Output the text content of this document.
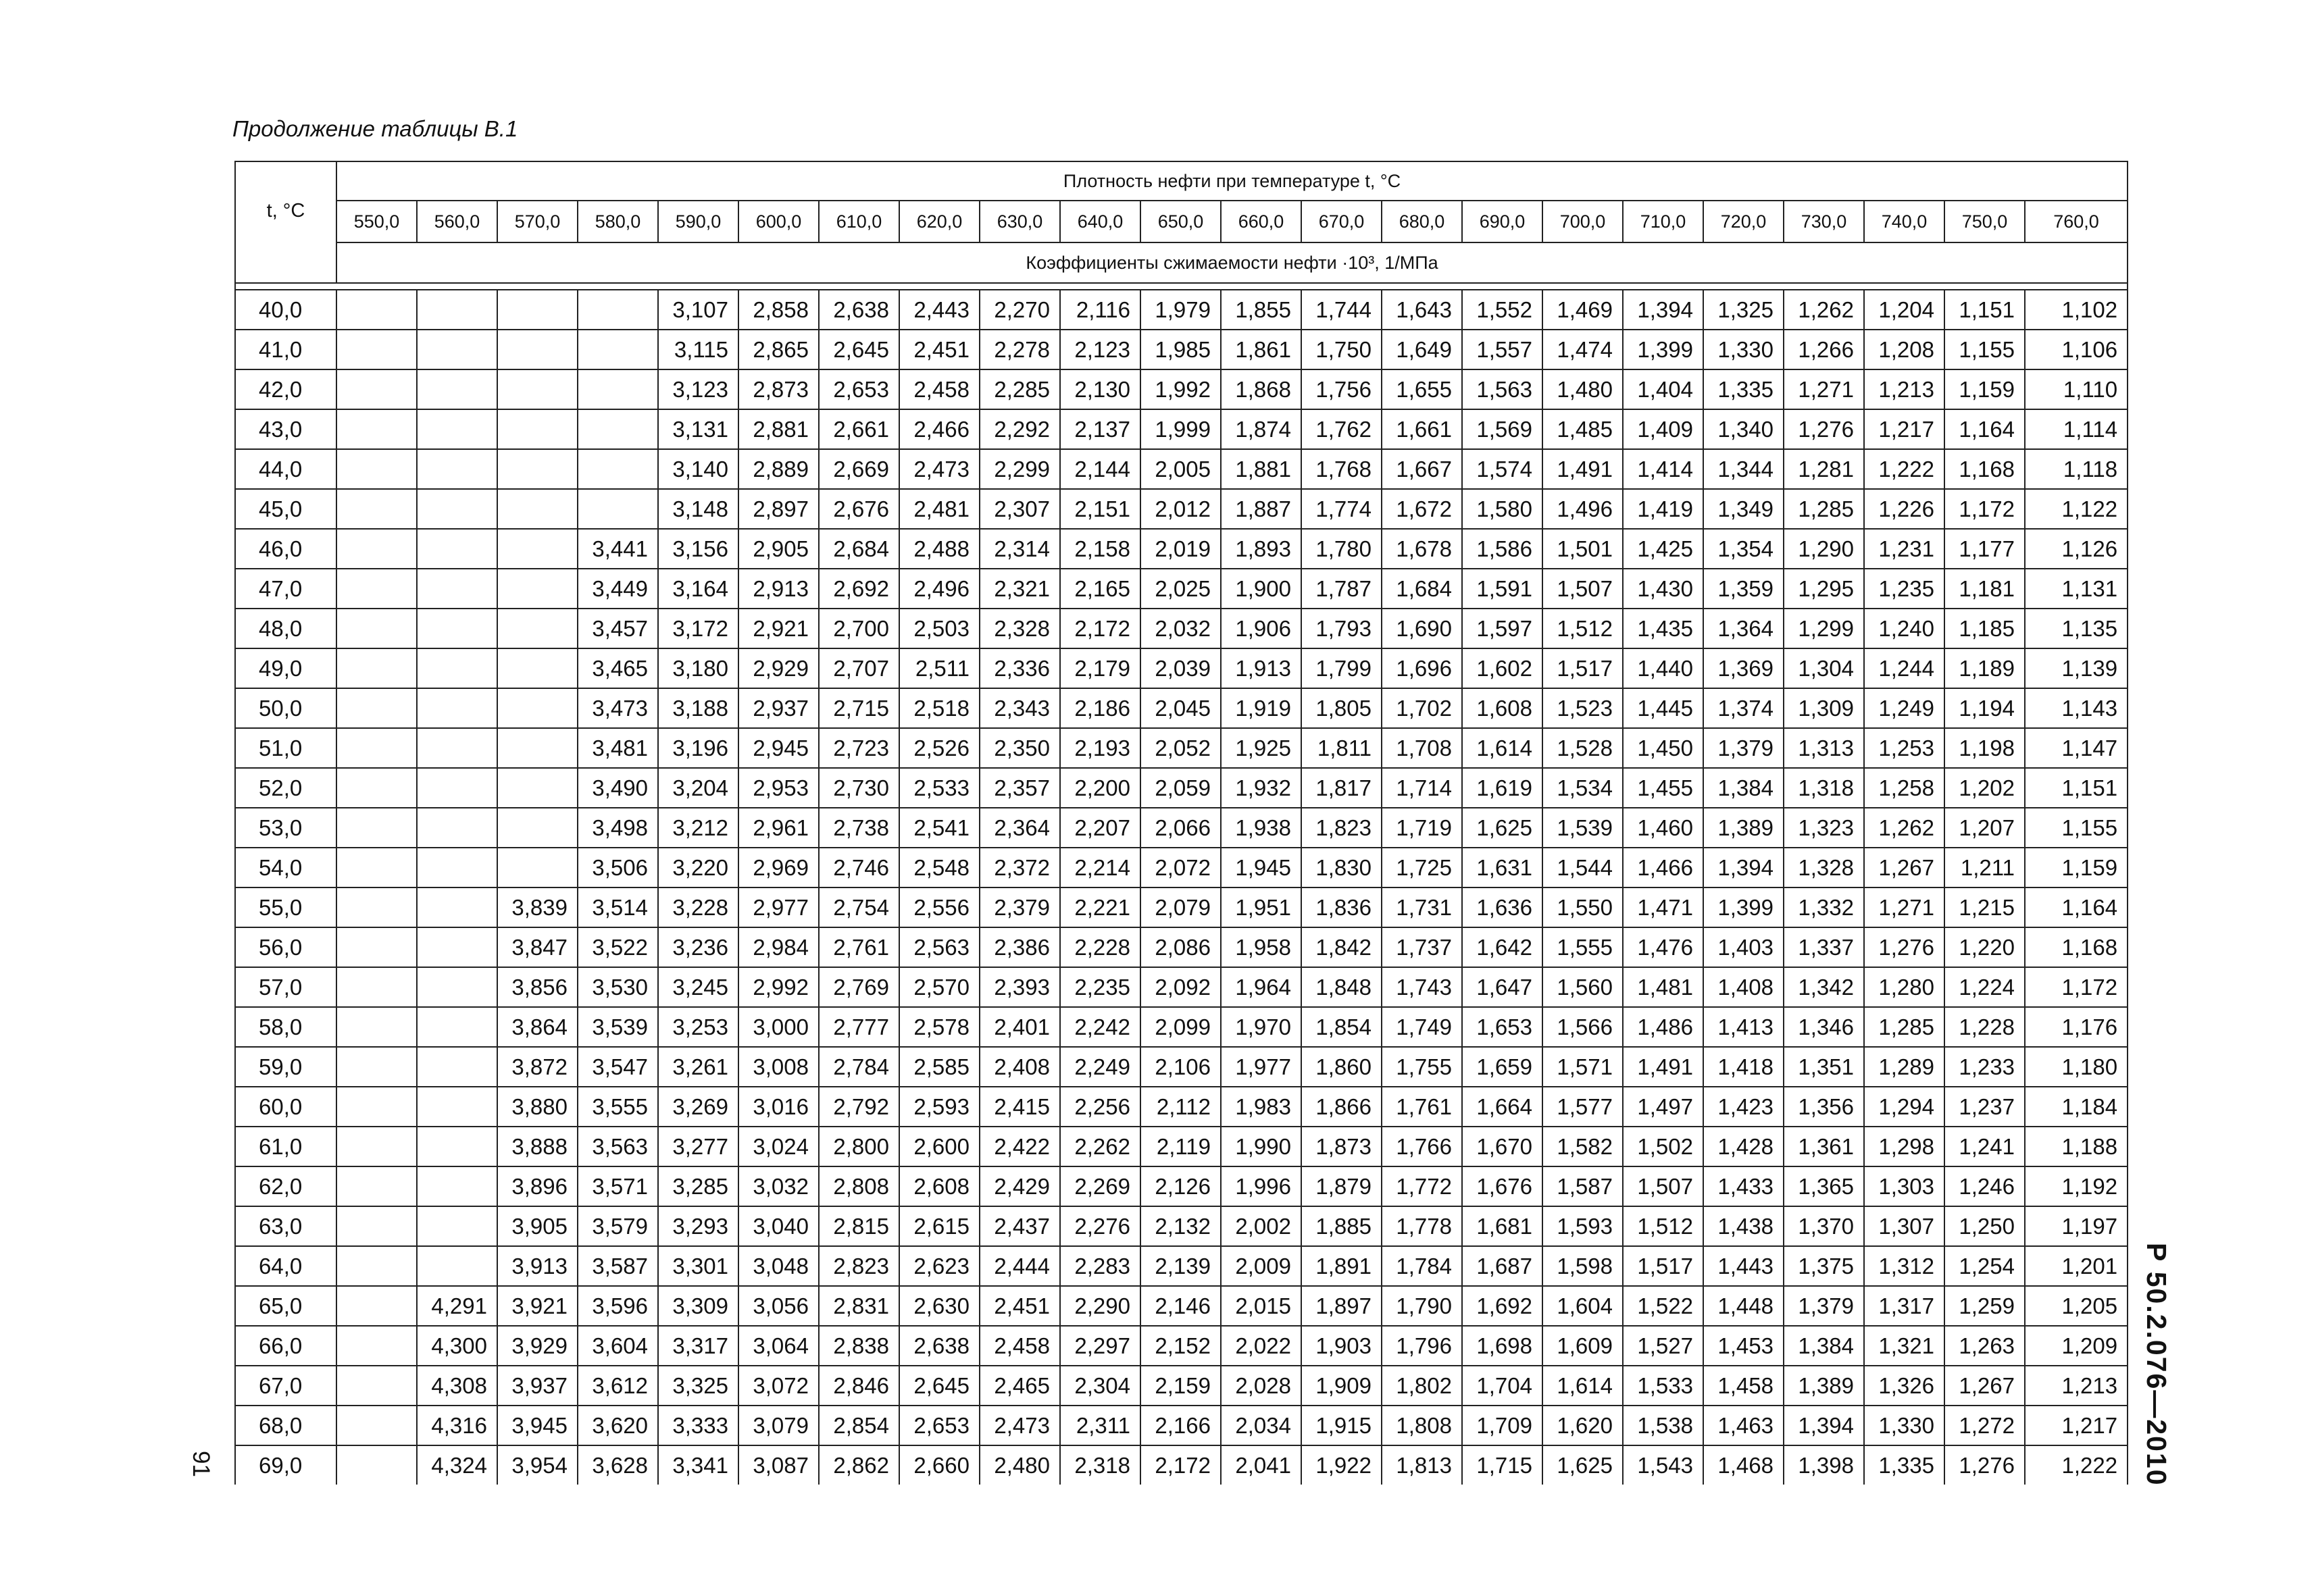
Продолжение таблицы В.1
t, °C	Плотность нефти при температуре t, °C																					
	550,0	560,0	570,0	580,0	590,0	600,0	610,0	620,0	630,0	640,0	650,0	660,0	670,0	680,0	690,0	700,0	710,0	720,0	730,0	740,0	750,0	760,0
	Коэффициенты сжимаемости нефти ·10³, 1/МПа																					

40,0					3,107	2,858	2,638	2,443	2,270	2,116	1,979	1,855	1,744	1,643	1,552	1,469	1,394	1,325	1,262	1,204	1,151	1,102
41,0					3,115	2,865	2,645	2,451	2,278	2,123	1,985	1,861	1,750	1,649	1,557	1,474	1,399	1,330	1,266	1,208	1,155	1,106
42,0					3,123	2,873	2,653	2,458	2,285	2,130	1,992	1,868	1,756	1,655	1,563	1,480	1,404	1,335	1,271	1,213	1,159	1,110
43,0					3,131	2,881	2,661	2,466	2,292	2,137	1,999	1,874	1,762	1,661	1,569	1,485	1,409	1,340	1,276	1,217	1,164	1,114
44,0					3,140	2,889	2,669	2,473	2,299	2,144	2,005	1,881	1,768	1,667	1,574	1,491	1,414	1,344	1,281	1,222	1,168	1,118
45,0					3,148	2,897	2,676	2,481	2,307	2,151	2,012	1,887	1,774	1,672	1,580	1,496	1,419	1,349	1,285	1,226	1,172	1,122
46,0				3,441	3,156	2,905	2,684	2,488	2,314	2,158	2,019	1,893	1,780	1,678	1,586	1,501	1,425	1,354	1,290	1,231	1,177	1,126
47,0				3,449	3,164	2,913	2,692	2,496	2,321	2,165	2,025	1,900	1,787	1,684	1,591	1,507	1,430	1,359	1,295	1,235	1,181	1,131
48,0				3,457	3,172	2,921	2,700	2,503	2,328	2,172	2,032	1,906	1,793	1,690	1,597	1,512	1,435	1,364	1,299	1,240	1,185	1,135
49,0				3,465	3,180	2,929	2,707	2,511	2,336	2,179	2,039	1,913	1,799	1,696	1,602	1,517	1,440	1,369	1,304	1,244	1,189	1,139
50,0				3,473	3,188	2,937	2,715	2,518	2,343	2,186	2,045	1,919	1,805	1,702	1,608	1,523	1,445	1,374	1,309	1,249	1,194	1,143
51,0				3,481	3,196	2,945	2,723	2,526	2,350	2,193	2,052	1,925	1,811	1,708	1,614	1,528	1,450	1,379	1,313	1,253	1,198	1,147
52,0				3,490	3,204	2,953	2,730	2,533	2,357	2,200	2,059	1,932	1,817	1,714	1,619	1,534	1,455	1,384	1,318	1,258	1,202	1,151
53,0				3,498	3,212	2,961	2,738	2,541	2,364	2,207	2,066	1,938	1,823	1,719	1,625	1,539	1,460	1,389	1,323	1,262	1,207	1,155
54,0				3,506	3,220	2,969	2,746	2,548	2,372	2,214	2,072	1,945	1,830	1,725	1,631	1,544	1,466	1,394	1,328	1,267	1,211	1,159
55,0			3,839	3,514	3,228	2,977	2,754	2,556	2,379	2,221	2,079	1,951	1,836	1,731	1,636	1,550	1,471	1,399	1,332	1,271	1,215	1,164
56,0			3,847	3,522	3,236	2,984	2,761	2,563	2,386	2,228	2,086	1,958	1,842	1,737	1,642	1,555	1,476	1,403	1,337	1,276	1,220	1,168
57,0			3,856	3,530	3,245	2,992	2,769	2,570	2,393	2,235	2,092	1,964	1,848	1,743	1,647	1,560	1,481	1,408	1,342	1,280	1,224	1,172
58,0			3,864	3,539	3,253	3,000	2,777	2,578	2,401	2,242	2,099	1,970	1,854	1,749	1,653	1,566	1,486	1,413	1,346	1,285	1,228	1,176
59,0			3,872	3,547	3,261	3,008	2,784	2,585	2,408	2,249	2,106	1,977	1,860	1,755	1,659	1,571	1,491	1,418	1,351	1,289	1,233	1,180
60,0			3,880	3,555	3,269	3,016	2,792	2,593	2,415	2,256	2,112	1,983	1,866	1,761	1,664	1,577	1,497	1,423	1,356	1,294	1,237	1,184
61,0			3,888	3,563	3,277	3,024	2,800	2,600	2,422	2,262	2,119	1,990	1,873	1,766	1,670	1,582	1,502	1,428	1,361	1,298	1,241	1,188
62,0			3,896	3,571	3,285	3,032	2,808	2,608	2,429	2,269	2,126	1,996	1,879	1,772	1,676	1,587	1,507	1,433	1,365	1,303	1,246	1,192
63,0			3,905	3,579	3,293	3,040	2,815	2,615	2,437	2,276	2,132	2,002	1,885	1,778	1,681	1,593	1,512	1,438	1,370	1,307	1,250	1,197
64,0			3,913	3,587	3,301	3,048	2,823	2,623	2,444	2,283	2,139	2,009	1,891	1,784	1,687	1,598	1,517	1,443	1,375	1,312	1,254	1,201
65,0		4,291	3,921	3,596	3,309	3,056	2,831	2,630	2,451	2,290	2,146	2,015	1,897	1,790	1,692	1,604	1,522	1,448	1,379	1,317	1,259	1,205
66,0		4,300	3,929	3,604	3,317	3,064	2,838	2,638	2,458	2,297	2,152	2,022	1,903	1,796	1,698	1,609	1,527	1,453	1,384	1,321	1,263	1,209
67,0		4,308	3,937	3,612	3,325	3,072	2,846	2,645	2,465	2,304	2,159	2,028	1,909	1,802	1,704	1,614	1,533	1,458	1,389	1,326	1,267	1,213
68,0		4,316	3,945	3,620	3,333	3,079	2,854	2,653	2,473	2,311	2,166	2,034	1,915	1,808	1,709	1,620	1,538	1,463	1,394	1,330	1,272	1,217
69,0		4,324	3,954	3,628	3,341	3,087	2,862	2,660	2,480	2,318	2,172	2,041	1,922	1,813	1,715	1,625	1,543	1,468	1,398	1,335	1,276	1,222 Р 50.2.076—2010
91
